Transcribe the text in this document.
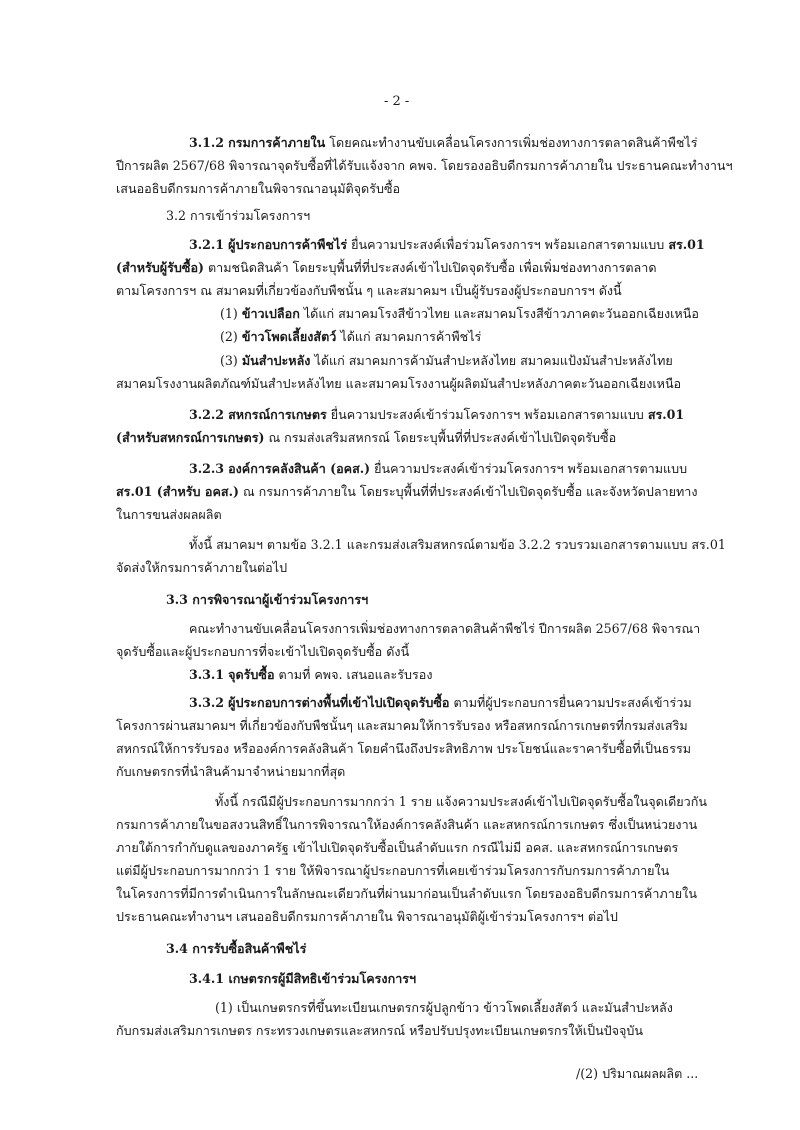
- 2 -
3.1.2 กรมการค้าภายใน โดยคณะทำงานขับเคลื่อนโครงการเพิ่มช่องทางการตลาดสินค้าพืชไร่
ปีการผลิต 2567/68 พิจารณาจุดรับซื้อที่ได้รับแจ้งจาก คพจ. โดยรองอธิบดีกรมการค้าภายใน ประธานคณะทำงานฯ
เสนออธิบดีกรมการค้าภายในพิจารณาอนุมัติจุดรับซื้อ
3.2 การเข้าร่วมโครงการฯ
3.2.1 ผู้ประกอบการค้าพืชไร่ ยื่นความประสงค์เพื่อร่วมโครงการฯ พร้อมเอกสารตามแบบ สร.01
(สำหรับผู้รับซื้อ) ตามชนิดสินค้า โดยระบุพื้นที่ที่ประสงค์เข้าไปเปิดจุดรับซื้อ เพื่อเพิ่มช่องทางการตลาด
ตามโครงการฯ ณ สมาคมที่เกี่ยวข้องกับพืชนั้น ๆ และสมาคมฯ เป็นผู้รับรองผู้ประกอบการฯ ดังนี้
(1) ข้าวเปลือก ได้แก่ สมาคมโรงสีข้าวไทย และสมาคมโรงสีข้าวภาคตะวันออกเฉียงเหนือ
(2) ข้าวโพดเลี้ยงสัตว์ ได้แก่ สมาคมการค้าพืชไร่
(3) มันสำปะหลัง ได้แก่ สมาคมการค้ามันสำปะหลังไทย สมาคมแป้งมันสำปะหลังไทย
สมาคมโรงงานผลิตภัณฑ์มันสำปะหลังไทย และสมาคมโรงงานผู้ผลิตมันสำปะหลังภาคตะวันออกเฉียงเหนือ
3.2.2 สหกรณ์การเกษตร ยื่นความประสงค์เข้าร่วมโครงการฯ พร้อมเอกสารตามแบบ สร.01
(สำหรับสหกรณ์การเกษตร) ณ กรมส่งเสริมสหกรณ์ โดยระบุพื้นที่ที่ประสงค์เข้าไปเปิดจุดรับซื้อ
3.2.3 องค์การคลังสินค้า (อคส.) ยื่นความประสงค์เข้าร่วมโครงการฯ พร้อมเอกสารตามแบบ
สร.01 (สำหรับ อคส.) ณ กรมการค้าภายใน โดยระบุพื้นที่ที่ประสงค์เข้าไปเปิดจุดรับซื้อ และจังหวัดปลายทาง
ในการขนส่งผลผลิต
ทั้งนี้ สมาคมฯ ตามข้อ 3.2.1 และกรมส่งเสริมสหกรณ์ตามข้อ 3.2.2 รวบรวมเอกสารตามแบบ สร.01
จัดส่งให้กรมการค้าภายในต่อไป
3.3 การพิจารณาผู้เข้าร่วมโครงการฯ
คณะทำงานขับเคลื่อนโครงการเพิ่มช่องทางการตลาดสินค้าพืชไร่ ปีการผลิต 2567/68 พิจารณา
จุดรับซื้อและผู้ประกอบการที่จะเข้าไปเปิดจุดรับซื้อ ดังนี้
3.3.1 จุดรับซื้อ ตามที่ คพจ. เสนอและรับรอง
3.3.2 ผู้ประกอบการต่างพื้นที่เข้าไปเปิดจุดรับซื้อ ตามที่ผู้ประกอบการยื่นความประสงค์เข้าร่วม
โครงการผ่านสมาคมฯ ที่เกี่ยวข้องกับพืชนั้นๆ และสมาคมให้การรับรอง หรือสหกรณ์การเกษตรที่กรมส่งเสริม
สหกรณ์ให้การรับรอง หรือองค์การคลังสินค้า โดยคำนึงถึงประสิทธิภาพ ประโยชน์และราคารับซื้อที่เป็นธรรม
กับเกษตรกรที่นำสินค้ามาจำหน่ายมากที่สุด
ทั้งนี้ กรณีมีผู้ประกอบการมากกว่า 1 ราย แจ้งความประสงค์เข้าไปเปิดจุดรับซื้อในจุดเดียวกัน
กรมการค้าภายในขอสงวนสิทธิ์ในการพิจารณาให้องค์การคลังสินค้า และสหกรณ์การเกษตร ซึ่งเป็นหน่วยงาน
ภายใต้การกำกับดูแลของภาครัฐ เข้าไปเปิดจุดรับซื้อเป็นลำดับแรก กรณีไม่มี อคส. และสหกรณ์การเกษตร
แต่มีผู้ประกอบการมากกว่า 1 ราย ให้พิจารณาผู้ประกอบการที่เคยเข้าร่วมโครงการกับกรมการค้าภายใน
ในโครงการที่มีการดำเนินการในลักษณะเดียวกันที่ผ่านมาก่อนเป็นลำดับแรก โดยรองอธิบดีกรมการค้าภายใน
ประธานคณะทำงานฯ เสนออธิบดีกรมการค้าภายใน พิจารณาอนุมัติผู้เข้าร่วมโครงการฯ ต่อไป
3.4 การรับซื้อสินค้าพืชไร่
3.4.1 เกษตรกรผู้มีสิทธิเข้าร่วมโครงการฯ
(1) เป็นเกษตรกรที่ขึ้นทะเบียนเกษตรกรผู้ปลูกข้าว ข้าวโพดเลี้ยงสัตว์ และมันสำปะหลัง
กับกรมส่งเสริมการเกษตร กระทรวงเกษตรและสหกรณ์ หรือปรับปรุงทะเบียนเกษตรกรให้เป็นปัจจุบัน
/(2) ปริมาณผลผลิต ...
